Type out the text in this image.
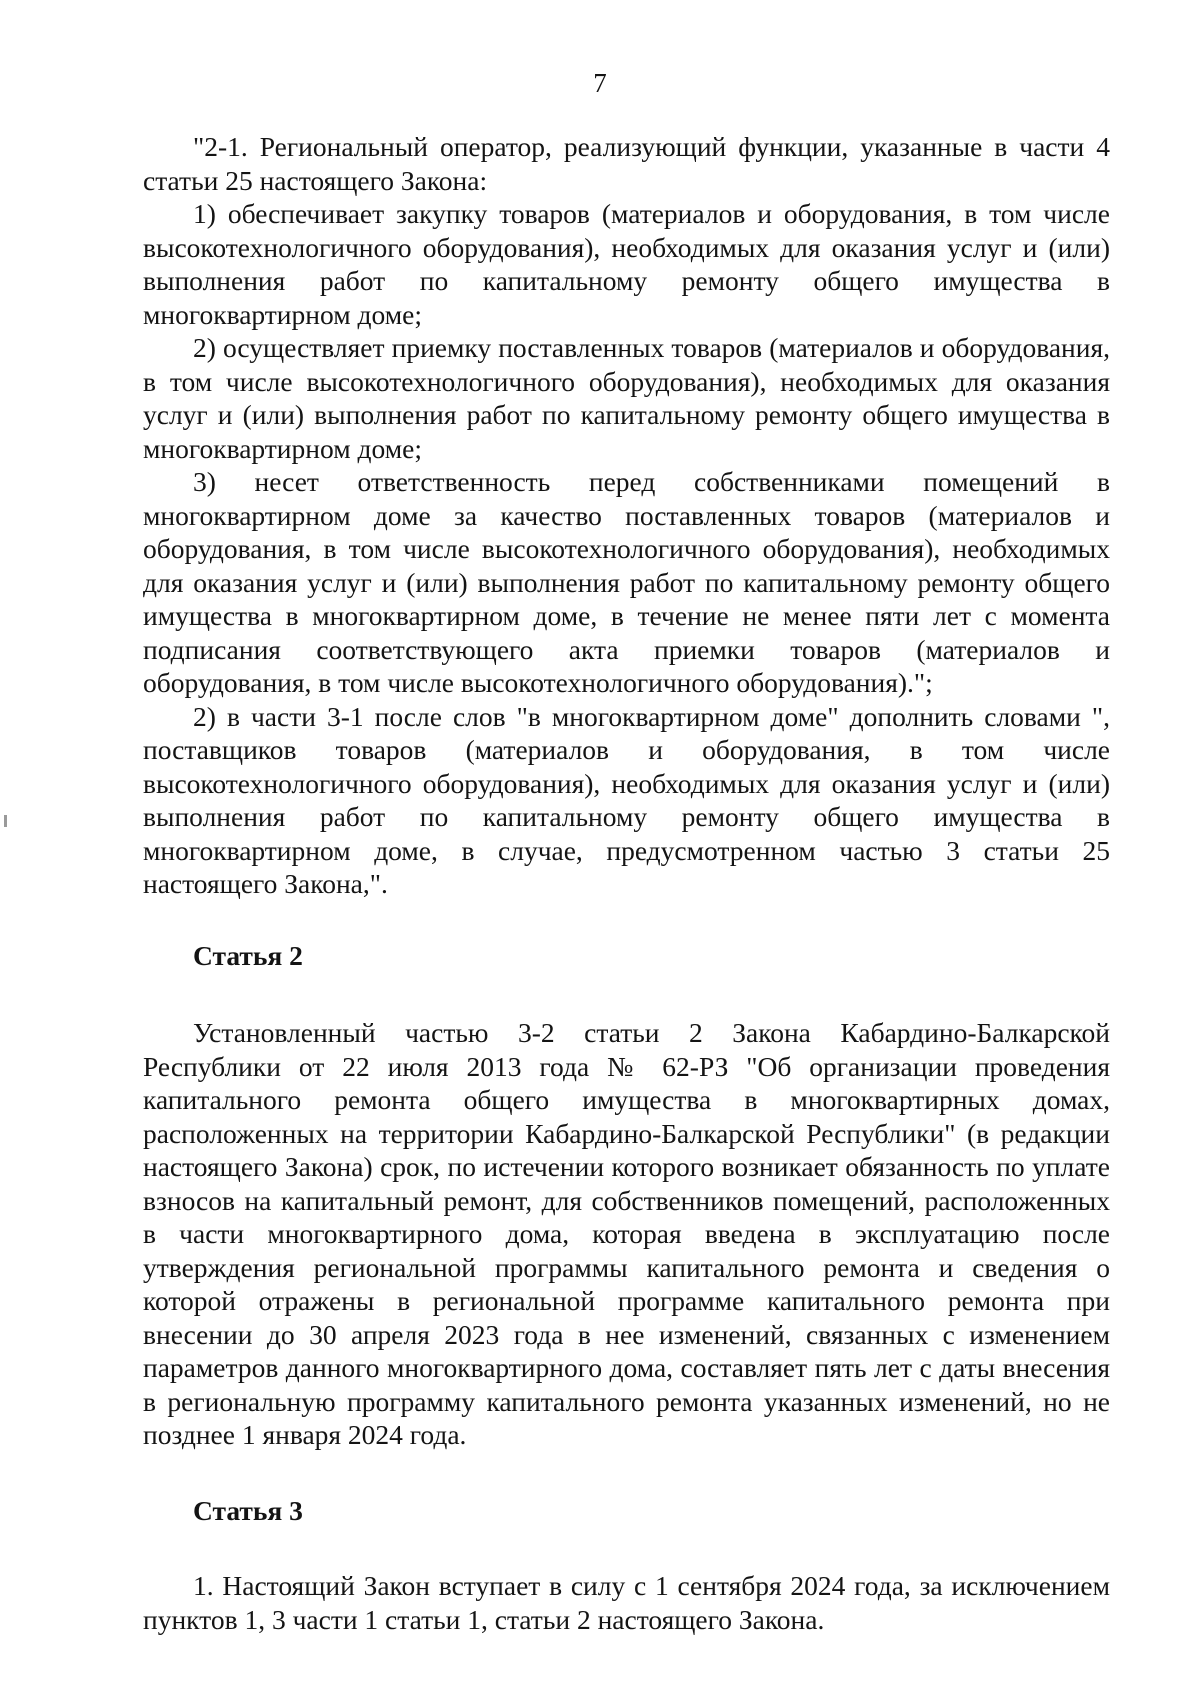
7

"2-1. Региональный оператор, реализующий функции, указанные в части 4 статьи 25 настоящего Закона:

1) обеспечивает закупку товаров (материалов и оборудования, в том числе высокотехнологичного оборудования), необходимых для оказания услуг и (или) выполнения работ по капитальному ремонту общего имущества в многоквартирном доме;

2) осуществляет приемку поставленных товаров (материалов и оборудования, в том числе высокотехнологичного оборудования), необходимых для оказания услуг и (или) выполнения работ по капитальному ремонту общего имущества в многоквартирном доме;

3) несет ответственность перед собственниками помещений в многоквартирном доме за качество поставленных товаров (материалов и оборудования, в том числе высокотехнологичного оборудования), необходимых для оказания услуг и (или) выполнения работ по капитальному ремонту общего имущества в многоквартирном доме, в течение не менее пяти лет с момента подписания соответствующего акта приемки товаров (материалов и оборудования, в том числе высокотехнологичного оборудования).";

2) в части 3-1 после слов "в многоквартирном доме" дополнить словами ", поставщиков товаров (материалов и оборудования, в том числе высокотехнологичного оборудования), необходимых для оказания услуг и (или) выполнения работ по капитальному ремонту общего имущества в многоквартирном доме, в случае, предусмотренном частью 3 статьи 25 настоящего Закона,".

Статья 2

Установленный частью 3-2 статьи 2 Закона Кабардино-Балкарской Республики от 22 июля 2013 года № 62-РЗ "Об организации проведения капитального ремонта общего имущества в многоквартирных домах, расположенных на территории Кабардино-Балкарской Республики" (в редакции настоящего Закона) срок, по истечении которого возникает обязанность по уплате взносов на капитальный ремонт, для собственников помещений, расположенных в части многоквартирного дома, которая введена в эксплуатацию после утверждения региональной программы капитального ремонта и сведения о которой отражены в региональной программе капитального ремонта при внесении до 30 апреля 2023 года в нее изменений, связанных с изменением параметров данного многоквартирного дома, составляет пять лет с даты внесения в региональную программу капитального ремонта указанных изменений, но не позднее 1 января 2024 года.

Статья 3

1. Настоящий Закон вступает в силу с 1 сентября 2024 года, за исключением пунктов 1, 3 части 1 статьи 1, статьи 2 настоящего Закона.
